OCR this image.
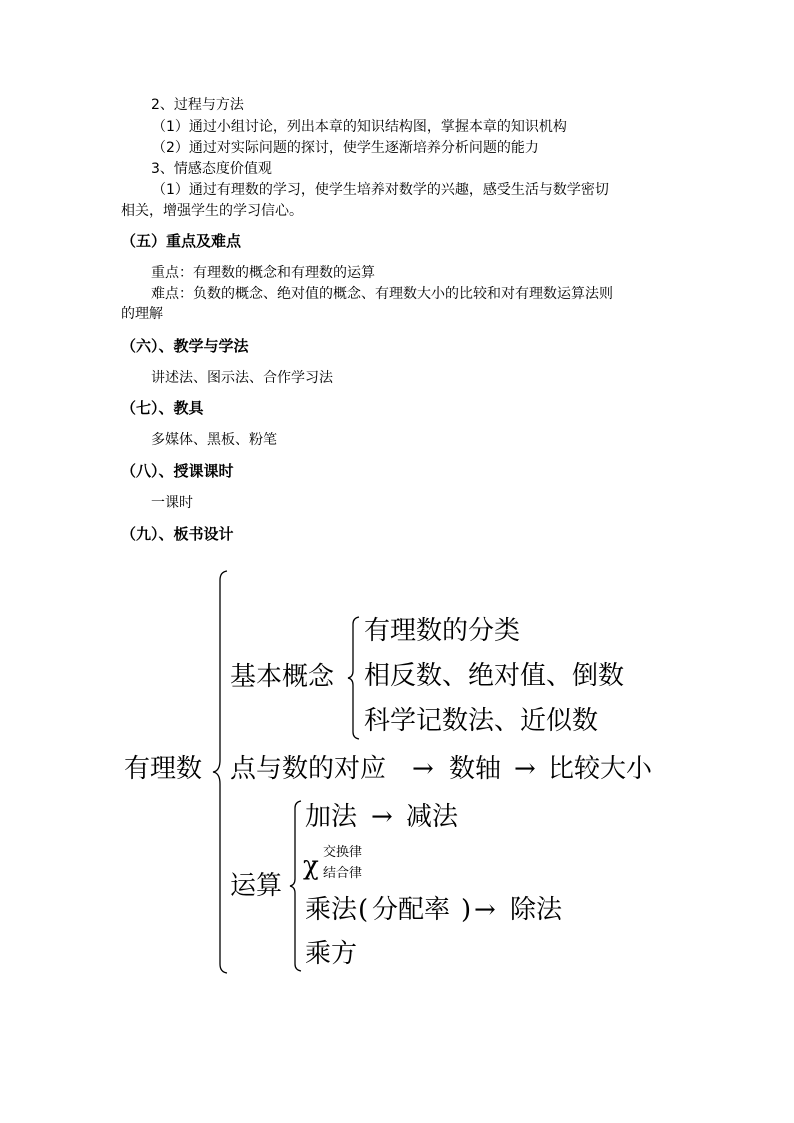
2、过程与方法
（1）通过小组讨论，列出本章的知识结构图，掌握本章的知识机构
（2）通过对实际问题的探讨，使学生逐渐培养分析问题的能力
3、情感态度价值观
（1）通过有理数的学习，使学生培养对数学的兴趣，感受生活与数学密切
相关，增强学生的学习信心。
（五）重点及难点
重点：有理数的概念和有理数的运算
难点：负数的概念、绝对值的概念、有理数大小的比较和对有理数运算法则
的理解
（六）、教学与学法
讲述法、图示法、合作学习法
（七）、教具
多媒体、黑板、粉笔
（八）、授课课时
一课时
（九）、板书设计
有理数
基本概念
有理数的分类
相反数、绝对值、倒数
科学记数法、近似数
点与数的对应 → 数轴 → 比较大小
运算
加法 → 减法
χ 交换律
结合律
乘法 ( 分配率 ) → 除法
乘方
